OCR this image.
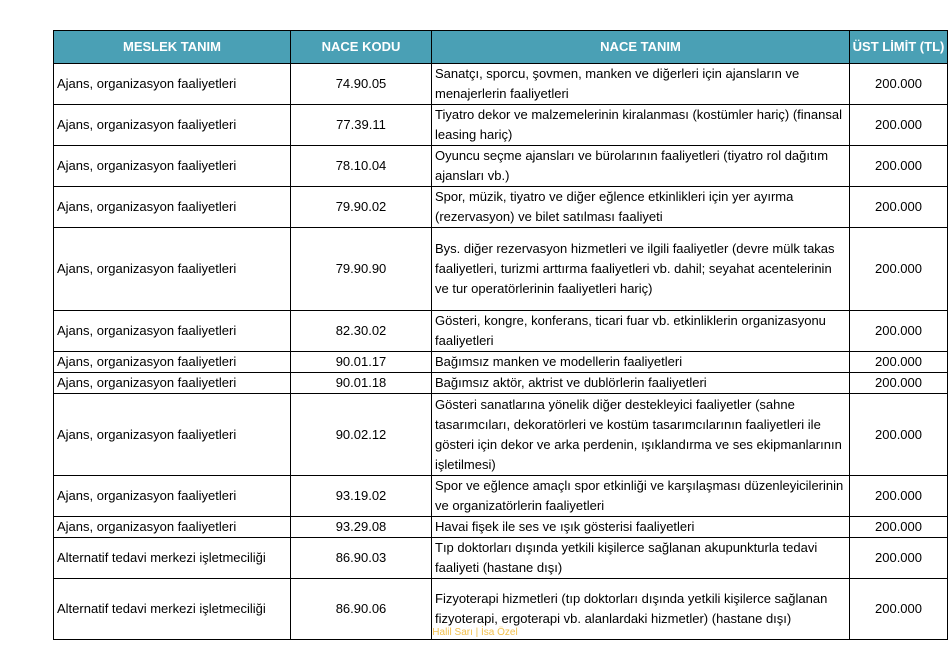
MESLEK TANIM	NACE KODU	NACE TANIM	ÜST LİMİT (TL)
Ajans, organizasyon faaliyetleri	74.90.05	Sanatçı, sporcu, şovmen, manken ve diğerleri için ajansların ve menajerlerin faaliyetleri	200.000
Ajans, organizasyon faaliyetleri	77.39.11	Tiyatro dekor ve malzemelerinin kiralanması (kostümler hariç) (finansal leasing hariç)	200.000
Ajans, organizasyon faaliyetleri	78.10.04	Oyuncu seçme ajansları ve bürolarının faaliyetleri (tiyatro rol dağıtım ajansları vb.)	200.000
Ajans, organizasyon faaliyetleri	79.90.02	Spor, müzik, tiyatro ve diğer eğlence etkinlikleri için yer ayırma (rezervasyon) ve bilet satılması faaliyeti	200.000
Ajans, organizasyon faaliyetleri	79.90.90	Bys. diğer rezervasyon hizmetleri ve ilgili faaliyetler (devre mülk takas faaliyetleri, turizmi arttırma faaliyetleri vb. dahil; seyahat acentelerinin ve tur operatörlerinin faaliyetleri hariç)	200.000
Ajans, organizasyon faaliyetleri	82.30.02	Gösteri, kongre, konferans, ticari fuar vb. etkinliklerin organizasyonu faaliyetleri	200.000
Ajans, organizasyon faaliyetleri	90.01.17	Bağımsız manken ve modellerin faaliyetleri	200.000
Ajans, organizasyon faaliyetleri	90.01.18	Bağımsız aktör, aktrist ve dublörlerin faaliyetleri	200.000
Ajans, organizasyon faaliyetleri	90.02.12	Gösteri sanatlarına yönelik diğer destekleyici faaliyetler (sahne tasarımcıları, dekoratörleri ve kostüm tasarımcılarının faaliyetleri ile gösteri için dekor ve arka perdenin, ışıklandırma ve ses ekipmanlarının işletilmesi)	200.000
Ajans, organizasyon faaliyetleri	93.19.02	Spor ve eğlence amaçlı spor etkinliği ve karşılaşması düzenleyicilerinin ve organizatörlerin faaliyetleri	200.000
Ajans, organizasyon faaliyetleri	93.29.08	Havai fişek ile ses ve ışık gösterisi faaliyetleri	200.000
Alternatif tedavi merkezi işletmeciliği	86.90.03	Tıp doktorları dışında yetkili kişilerce sağlanan akupunkturla tedavi faaliyeti (hastane dışı)	200.000
Alternatif tedavi merkezi işletmeciliği	86.90.06	Fizyoterapi hizmetleri (tıp doktorları dışında yetkili kişilerce sağlanan fizyoterapi, ergoterapi vb. alanlardaki hizmetler) (hastane dışı)	200.000
Halil Sarı | İsa Özel
